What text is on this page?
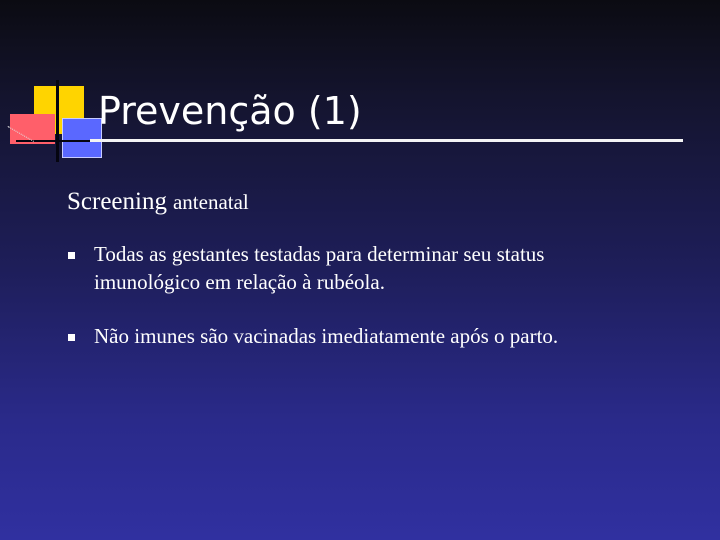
Prevenção (1)
Screening antenatal
Todas as gestantes testadas para determinar seu status
imunológico em relação à rubéola.
Não imunes são vacinadas imediatamente após o parto.
